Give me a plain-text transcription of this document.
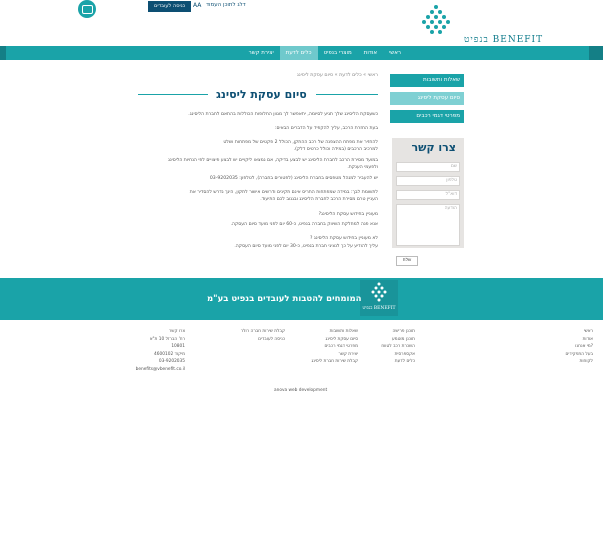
כניסה לעובדים	AA דלג לתוכן העמוד
בנפיט BENEFIT
ראשי
אודות
מוצרי בנפיט
כלים לדעת
יצירת קשר
ראשי » כלים לדעת » סיום עסקת ליסינג
סיום עסקת ליסינג

כשעסקת הליסינג שלך תגיע לסיומה, יתאפשר לך מגוון החלופות הכוללות בהתאם לחברת הליסינג.

בעת החזרת הרכב, עליך להקפיד על הדברים הבאים:

להחזיר את מפתח ההצפנה של רכב ההתקן, הכולל 2 פקטים של מפתחות ושלט

למרכיב הרכבים (במידה וכולל כרטיס דלק).

במועד מסירת הרכב לחברת הליסינג יש לבצע בדיקה, אם נמצאו ליקויים יש לבצע פיצויים לפי הנחיות הליסינג

ולפעמי הענקת.

יש להעביר למנהל מטפסים בחברת הליסינג (לפטורים בחברה), לטלפון: 03-9202035

לתשומת לבך: במידה שמפתחות התריס אינם תקינים ודרשים אישור לתקון, הינך נדרש להסדיר את

העניין טרם מסירת הרכב לחברת הליסינג ובגנוב לכם התיעוד.

מעוניין בחידוש עסקת הליסינג?

אנא פנה למחלקת השיווק בחברה בנפיט, כ-60 יום לפני מועד סיום העסקה.

לא מעוניין בחידוש עסקת הליסינג ?

עליך להודיע על כך לנציגי חברת בנפיט, כ-30 יום לפני מועד סיום העסקה.

שאלות ותשובות
סיום עסקת ליסינג
מפרטי דגמי רכבים
צרו קשר
שם
טלפון
דוא"ל
הודעה
שלח
בנפיט BENEFIT
המומחים להטבות לעובדים בנפיט בע"מ

ראשי

אודות

מי אנחנו?

בעל התפקידים

לקוחות

תוכנן פרישה

תוכנן מוטמע

השכרת רכב לטווח

אקספרסית

כלים לדעת

שאלות ותשובות

סיום עסקת ליסינג

מפרטי דגמי רכבים

יצירת קשר

קבלת שירות חברת ליסינג

קבלת שירות חברה רולר

כניסה לעובדים

צרו קשר

רח' הברזל 10 ת"א

10801

מיקוד 4600102

03-9202035

benefits@vbenefit.co.il

anova web development
